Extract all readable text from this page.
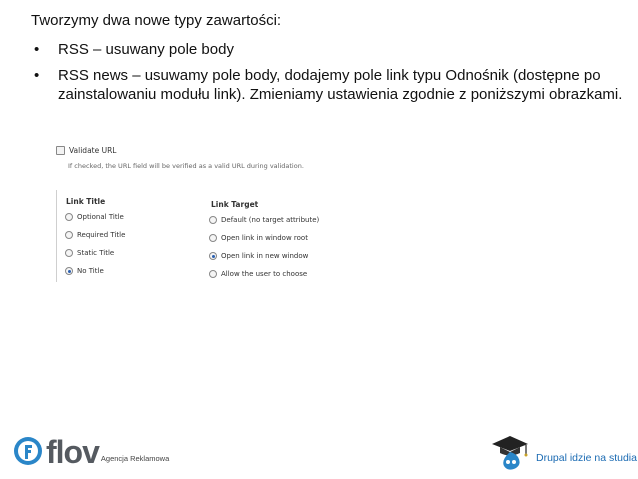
Tworzymy dwa nowe typy zawartości:
• RSS – usuwany pole body
• RSS news – usuwamy pole body, dodajemy pole link typu Odnośnik (dostępne po zainstalowaniu modułu link). Zmieniamy ustawienia zgodnie z poniższymi obrazkami.
Validate URL
If checked, the URL field will be verified as a valid URL during validation.
Link Title
Optional Title
Required Title
Static Title
No Title
Link Target
Default (no target attribute)
Open link in window root
Open link in new window
Allow the user to choose
flov Agencja Reklamowa	Drupal idzie na studia
